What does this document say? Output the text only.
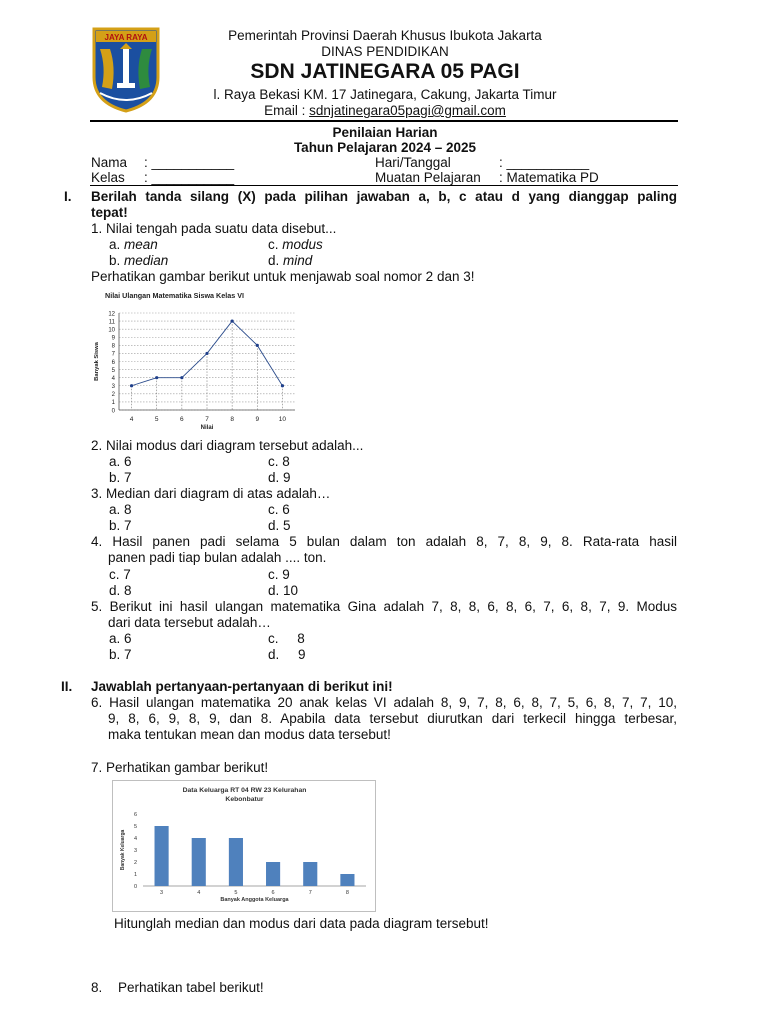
JAYA RAYA	Pemerintah Provinsi Daerah Khusus Ibukota Jakarta
DINAS PENDIDIKAN
SDN JATINEGARA 05 PAGI
l. Raya Bekasi KM. 17 Jatinegara, Cakung, Jakarta Timur
Email : sdnjatinegara05pagi@gmail.com
Penilaian Harian
Tahun Pelajaran 2024 – 2025
Nama : ___________
Kelas : ___________
Hari/Tanggal	: ___________
Muatan Pelajaran : Matematika PD
I. Berilah tanda silang (X) pada pilihan jawaban a, b, c atau d yang dianggap paling
tepat!
1. Nilai tengah pada suatu data disebut...
a. mean	c. modus
b. median	d. mind
Perhatikan gambar berikut untuk menjawab soal nomor 2 dan 3!
Nilai Ulangan Matematika Siswa Kelas VI
0
1
2
3
4
5
6
7
8
9
10
11
12
Banyak Siswa
Nilai
4	5	6	7	8	9	10
2. Nilai modus dari diagram tersebut adalah...
a. 6	c. 8
b. 7	d. 9
3. Median dari diagram di atas adalah…
a. 8	c. 6
b. 7	d. 5
4. Hasil panen padi selama 5 bulan dalam ton adalah 8, 7, 8, 9, 8. Rata-rata hasil
panen padi tiap bulan adalah .... ton.
c. 7	c. 9
d. 8	d. 10
5. Berikut ini hasil ulangan matematika Gina adalah 7, 8, 8, 6, 8, 6, 7, 6, 8, 7, 9. Modus
dari data tersebut adalah…
a. 6	c.     8
b. 7	d.     9
II. Jawablah pertanyaan-pertanyaan di berikut ini!
6. Hasil ulangan matematika 20 anak kelas VI adalah 8, 9, 7, 8, 6, 8, 7, 5, 6, 8, 7, 7, 10,
9, 8, 6, 9, 8, 9, dan 8. Apabila data tersebut diurutkan dari terkecil hingga terbesar,
maka tentukan mean dan modus data tersebut!
7. Perhatikan gambar berikut!
Data Keluarga RT 04 RW 23 Kelurahan
Kebonbatur
0
1
2
3
4
5
6
Banyak Keluarga
Banyak Anggota Keluarga
3	4	5	6	7	8
Hitunglah median dan modus dari data pada diagram tersebut!
8. Perhatikan tabel berikut!
